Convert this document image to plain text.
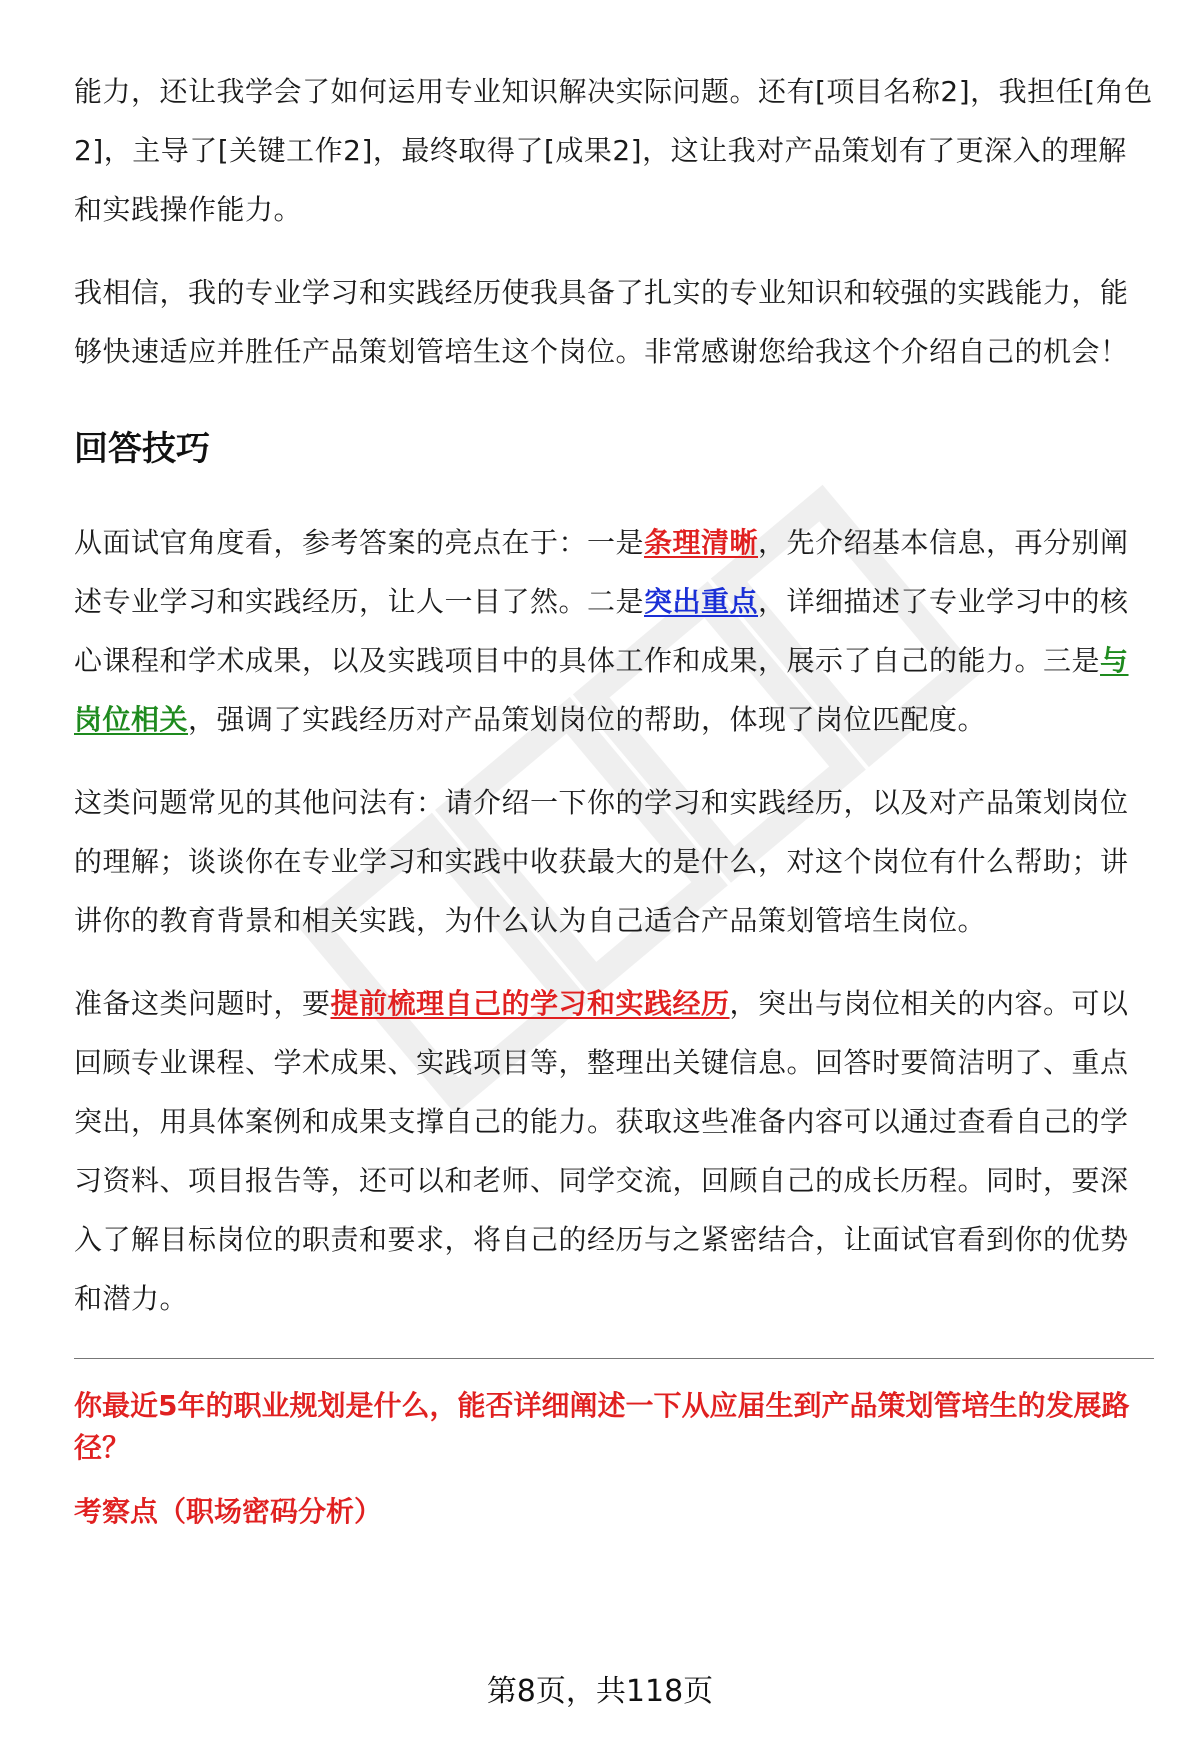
能力，还让我学会了如何运用专业知识解决实际问题。还有[项目名称2]，我担任[角色2]，主导了[关键工作2]，最终取得了[成果2]，这让我对产品策划有了更深入的理解和实践操作能力。

我相信，我的专业学习和实践经历使我具备了扎实的专业知识和较强的实践能力，能够快速适应并胜任产品策划管培生这个岗位。非常感谢您给我这个介绍自己的机会！

回答技巧

从面试官角度看，参考答案的亮点在于：一是条理清晰，先介绍基本信息，再分别阐述专业学习和实践经历，让人一目了然。二是突出重点，详细描述了专业学习中的核心课程和学术成果，以及实践项目中的具体工作和成果，展示了自己的能力。三是与岗位相关，强调了实践经历对产品策划岗位的帮助，体现了岗位匹配度。

这类问题常见的其他问法有：请介绍一下你的学习和实践经历，以及对产品策划岗位的理解；谈谈你在专业学习和实践中收获最大的是什么，对这个岗位有什么帮助；讲讲你的教育背景和相关实践，为什么认为自己适合产品策划管培生岗位。

准备这类问题时，要提前梳理自己的学习和实践经历，突出与岗位相关的内容。可以回顾专业课程、学术成果、实践项目等，整理出关键信息。回答时要简洁明了、重点突出，用具体案例和成果支撑自己的能力。获取这些准备内容可以通过查看自己的学习资料、项目报告等，还可以和老师、同学交流，回顾自己的成长历程。同时，要深入了解目标岗位的职责和要求，将自己的经历与之紧密结合，让面试官看到你的优势和潜力。

你最近5年的职业规划是什么，能否详细阐述一下从应届生到产品策划管培生的发展路径？
考察点（职场密码分析）
第8页，共118页
